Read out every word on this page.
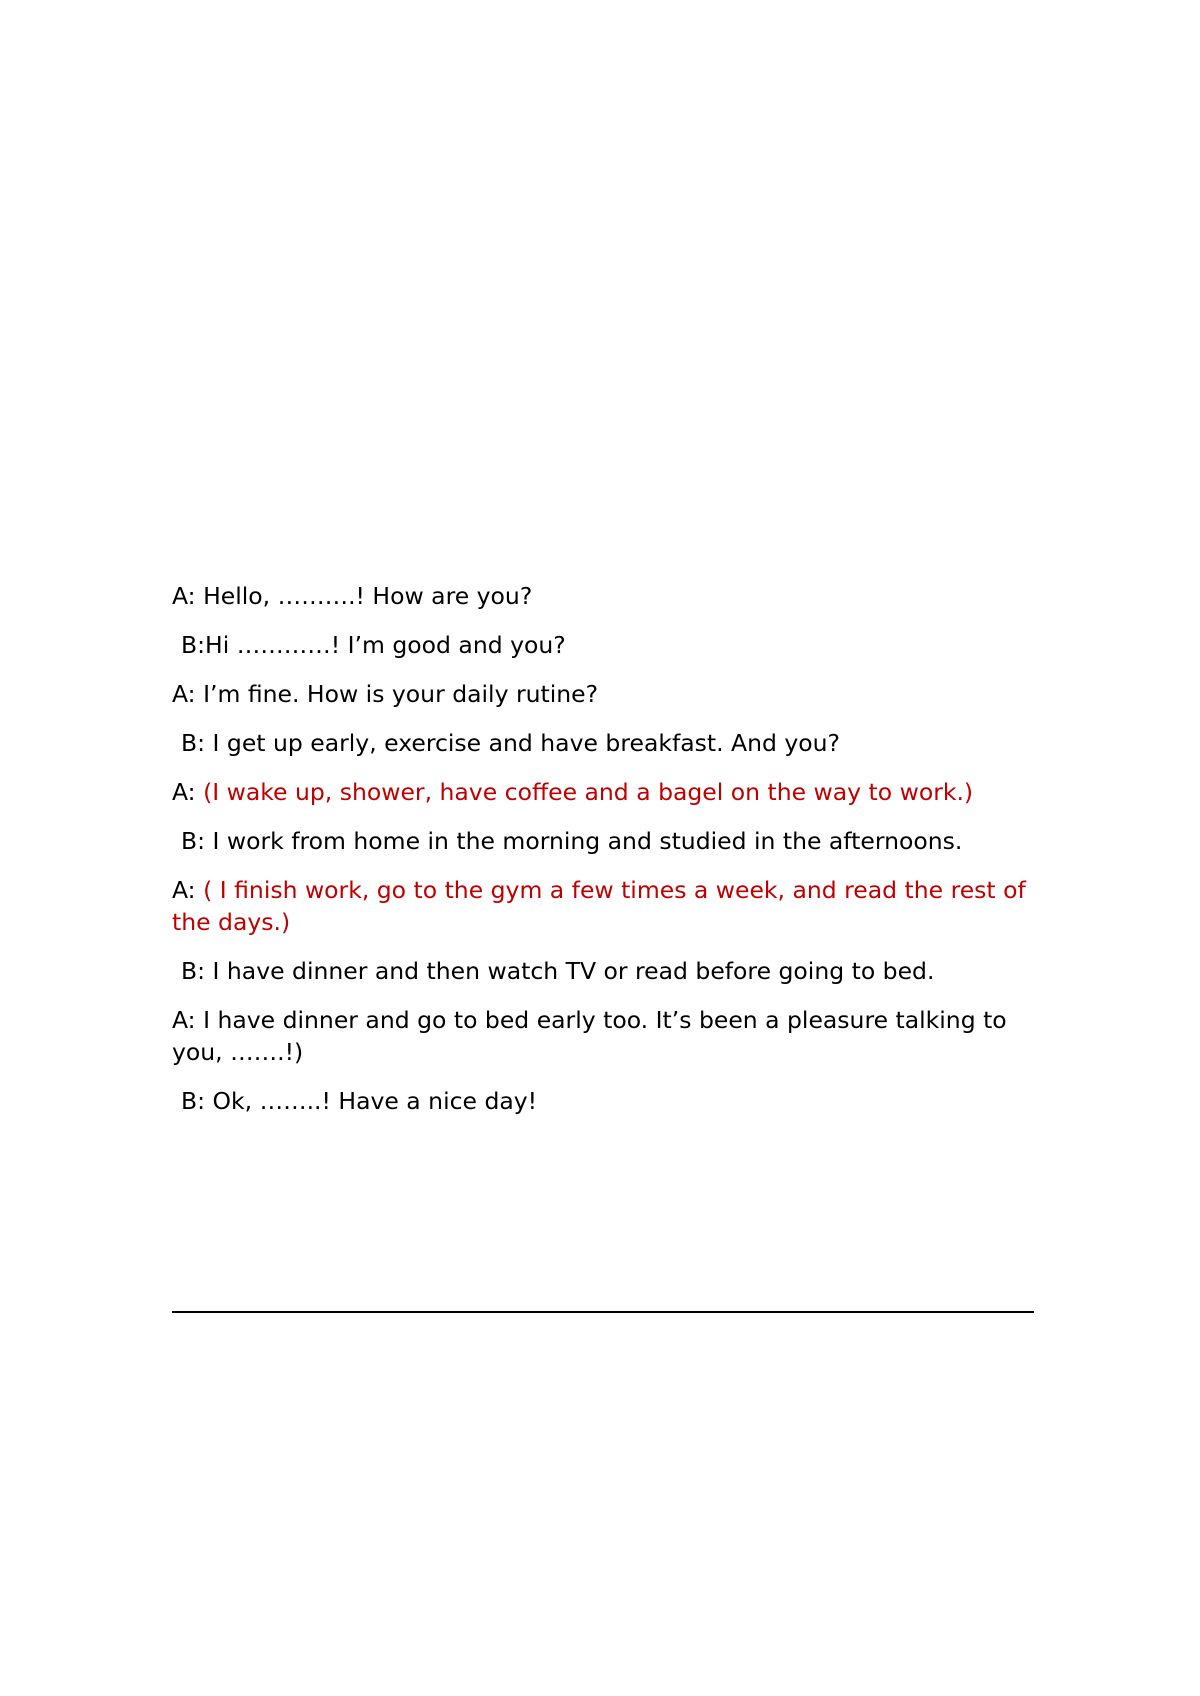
A: Hello, ……….! How are you?

B:Hi …………! I’m good and you?

A: I’m fine. How is your daily rutine?

B: I get up early, exercise and have breakfast. And you?

A: (I wake up, shower, have coffee and a bagel on the way to work.)

B: I work from home in the morning and studied in the afternoons.

A: ( I finish work, go to the gym a few times a week, and read the rest of the days.)

B: I have dinner and then watch TV or read before going to bed.

A: I have dinner and go to bed early too. It’s been a pleasure talking to you, …….!)

B: Ok, ……..! Have a nice day!
